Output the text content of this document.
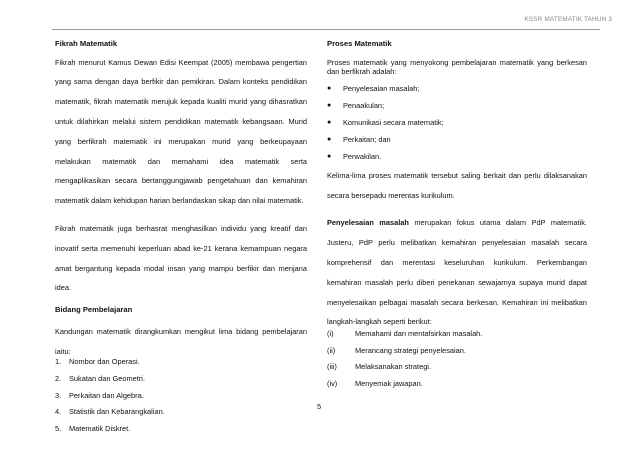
KSSR MATEMATIK TAHUN 3

Fikrah Matematik

Fikrah menurut Kamus Dewan Edisi Keempat (2005) membawa pengertian yang sama dengan daya berfikir dan pemikiran. Dalam konteks pendidikan matematik, fikrah matematik merujuk kepada kualiti murid yang dihasratkan untuk dilahirkan melalui sistem pendidikan matematik kebangsaan. Murid yang berfikrah matematik ini merupakan murid yang berkeupayaan melakukan matematik dan memahami idea matematik serta mengaplikasikan secara bertanggungjawab pengetahuan dan kemahiran matematik dalam kehidupan harian berlandaskan sikap dan nilai matematik.

Fikrah matematik juga berhasrat menghasilkan individu yang kreatif dan inovatif serta memenuhi keperluan abad ke-21 kerana kemampuan negara amat bergantung kepada modal insan yang mampu berfikir dan menjana idea.

Bidang Pembelajaran

Kandungan matematik dirangkumkan mengikut lima bidang pembelajaran iaitu:

1.	Nombor dan Operasi.
2.	Sukatan dan Geometri.
3.	Perkaitan dan Algebra.
4.	Statistik dan Kebarangkalian.
5.	Matematik Diskret.

Proses Matematik

Proses matematik yang menyokong pembelajaran matematik yang berkesan dan berfikrah adalah:

●	Penyelesaian masalah;
●	Penaakulan;
●	Komunikasi secara matematik;
●	Perkaitan; dan
●	Perwakilan.

Kelima-lima proses matematik tersebut saling berkait dan perlu dilaksanakan secara bersepadu merentas kurikulum.

Penyelesaian masalah merupakan fokus utama dalam PdP matematik. Justeru, PdP perlu melibatkan kemahiran penyelesaian masalah secara komprehensif dan merentasi keseluruhan kurikulum. Perkembangan kemahiran masalah perlu diberi penekanan sewajarnya supaya murid dapat menyelesaikan pelbagai masalah secara berkesan. Kemahiran ini melibatkan langkah-langkah seperti berikut:

(i)	Memahami dan mentafsirkan masalah.
(ii)	Merancang strategi penyelesaian.
(iii)	Melaksanakan strategi.
(iv)	Menyemak jawapan.
5
